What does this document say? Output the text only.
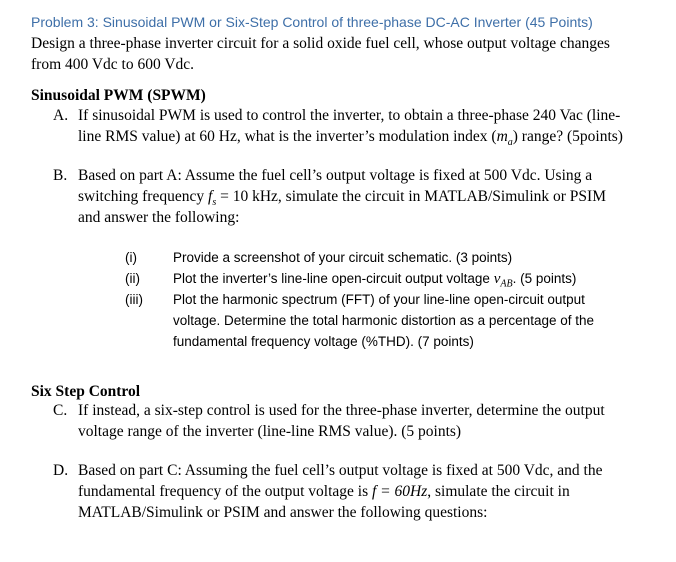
Problem 3: Sinusoidal PWM or Six-Step Control of three-phase DC-AC Inverter (45 Points)
Design a three-phase inverter circuit for a solid oxide fuel cell, whose output voltage changes
from 400 Vdc to 600 Vdc.
Sinusoidal PWM (SPWM)
A. If sinusoidal PWM is used to control the inverter, to obtain a three-phase 240 Vac (line-
line RMS value) at 60 Hz, what is the inverter’s modulation index $(m_a)$ range? (5points)
B. Based on part A: Assume the fuel cell’s output voltage is fixed at 500 Vdc. Using a
switching frequency $f_s = 10$ kHz, simulate the circuit in MATLAB/Simulink or PSIM
and answer the following:
(i)	Provide a screenshot of your circuit schematic. (3 points)
(ii) Plot the inverter’s line-line open-circuit output voltage $v_{AB}$. (5 points)
(iii) Plot the harmonic spectrum (FFT) of your line-line open-circuit output
voltage. Determine the total harmonic distortion as a percentage of the
fundamental frequency voltage (%THD). (7 points)
Six Step Control
C. If instead, a six-step control is used for the three-phase inverter, determine the output
voltage range of the inverter (line-line RMS value). (5 points)
D. Based on part C: Assuming the fuel cell’s output voltage is fixed at 500 Vdc, and the
fundamental frequency of the output voltage is f = 60Hz, simulate the circuit in
MATLAB/Simulink or PSIM and answer the following questions:
